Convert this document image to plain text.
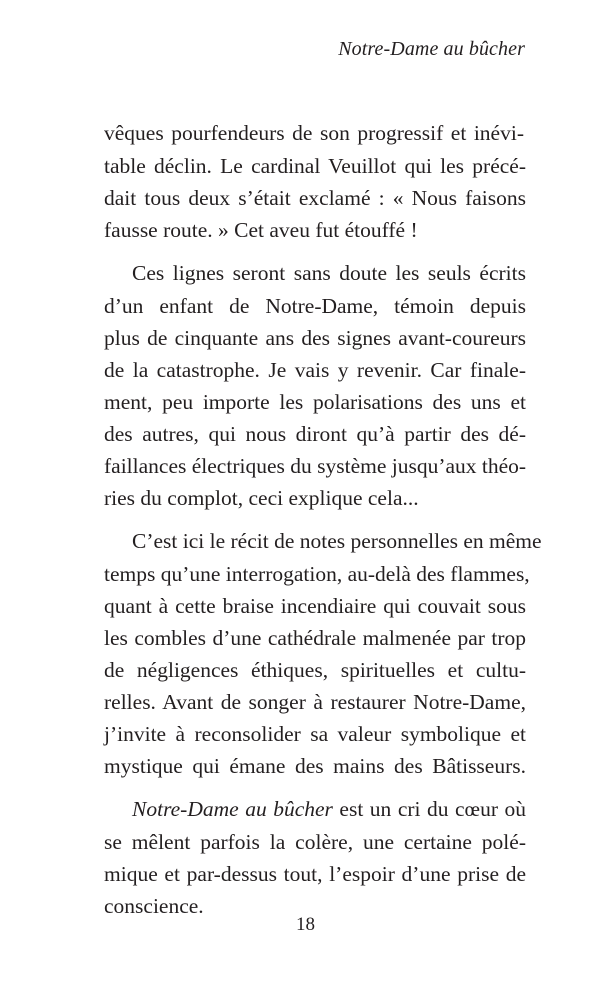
Notre-Dame au bûcher
vêques pourfendeurs de son progressif et inévi-
table déclin. Le cardinal Veuillot qui les précé-
dait tous deux s’était exclamé : « Nous faisons
fausse route. » Cet aveu fut étouffé !
Ces lignes seront sans doute les seuls écrits
d’un enfant de Notre-Dame, témoin depuis
plus de cinquante ans des signes avant-coureurs
de la catastrophe. Je vais y revenir. Car finale-
ment, peu importe les polarisations des uns et
des autres, qui nous diront qu’à partir des dé-
faillances électriques du système jusqu’aux théo-
ries du complot, ceci explique cela...
C’est ici le récit de notes personnelles en même
temps qu’une interrogation, au-delà des flammes,
quant à cette braise incendiaire qui couvait sous
les combles d’une cathédrale malmenée par trop
de négligences éthiques, spirituelles et cultu-
relles. Avant de songer à restaurer Notre-Dame,
j’invite à reconsolider sa valeur symbolique et
mystique qui émane des mains des Bâtisseurs.
Notre-Dame au bûcher est un cri du cœur où
se mêlent parfois la colère, une certaine polé-
mique et par-dessus tout, l’espoir d’une prise de
conscience.
18
